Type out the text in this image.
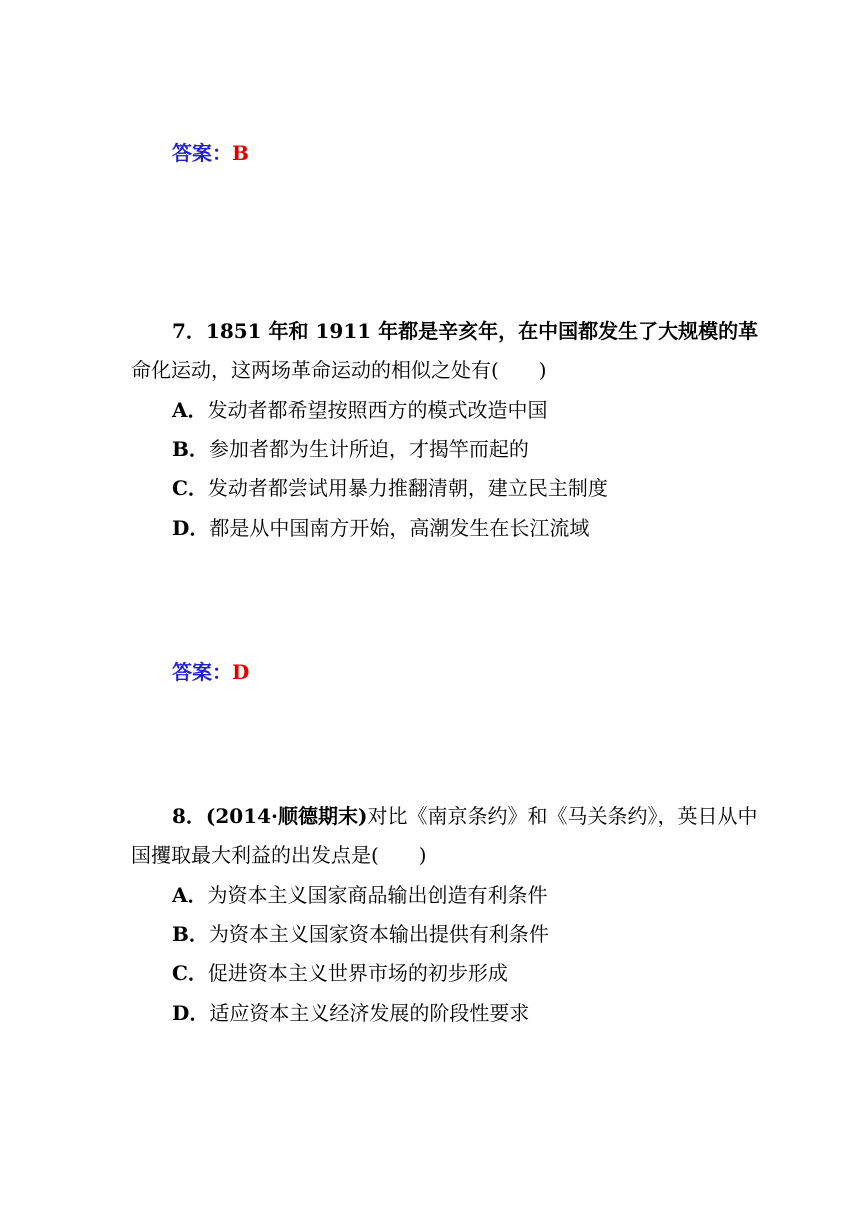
答案：B
7．1851 年和 1911 年都是辛亥年，在中国都发生了大规模的革
命化运动，这两场革命运动的相似之处有(　　)
A．发动者都希望按照西方的模式改造中国
B．参加者都为生计所迫，才揭竿而起的
C．发动者都尝试用暴力推翻清朝，建立民主制度
D．都是从中国南方开始，高潮发生在长江流域
答案：D
8．(2014·顺德期末)对比《南京条约》和《马关条约》，英日从中
国攫取最大利益的出发点是(　　)
A．为资本主义国家商品输出创造有利条件
B．为资本主义国家资本输出提供有利条件
C．促进资本主义世界市场的初步形成
D．适应资本主义经济发展的阶段性要求
